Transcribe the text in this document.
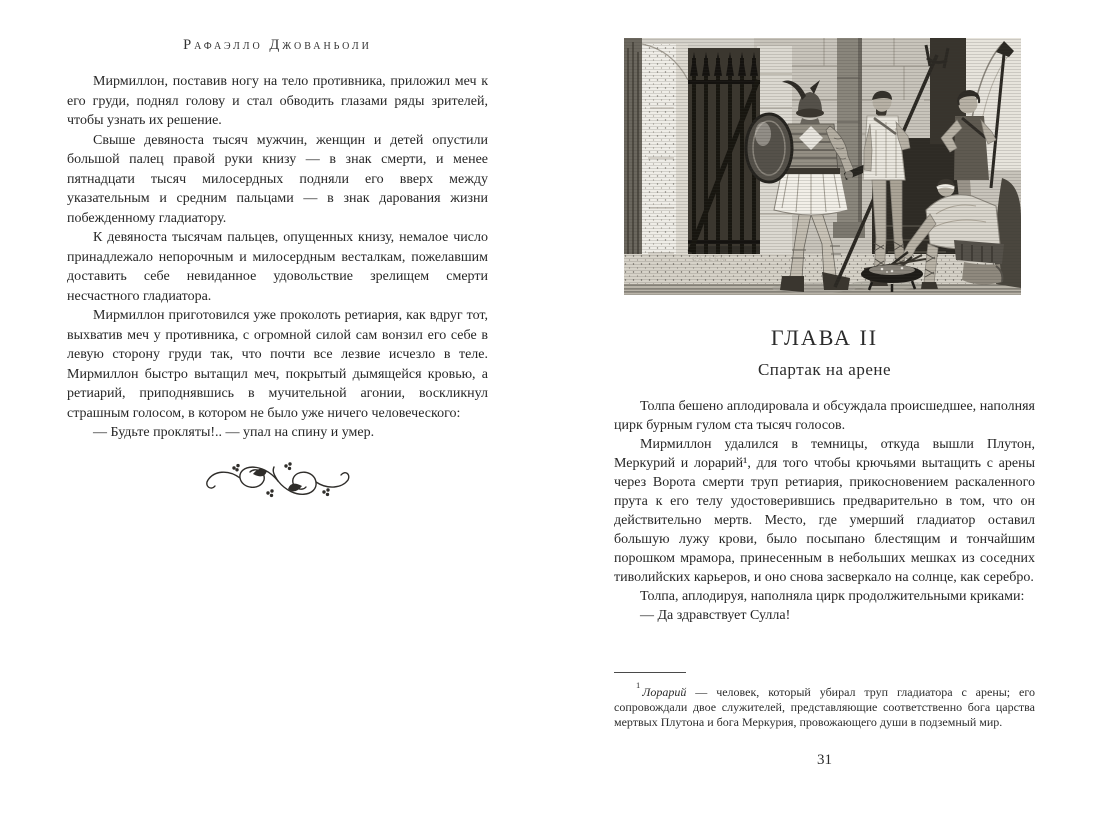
Рафаэлло Джованьоли

Мирмиллон, поставив ногу на тело противника, приложил меч к его груди, поднял голову и стал обводить глазами ряды зрителей, чтобы узнать их решение.

Свыше девяноста тысяч мужчин, женщин и детей опустили большой палец правой руки книзу — в знак смерти, и менее пятнадцати тысяч милосердных подняли его вверх между указательным и средним пальцами — в знак дарования жизни побежденному гладиатору.

К девяноста тысячам пальцев, опущенных книзу, немалое число принадлежало непорочным и милосердным весталкам, пожелавшим доставить себе невиданное удовольствие зрелищем смерти несчастного гладиатора.

Мирмиллон приготовился уже проколоть ретиария, как вдруг тот, выхватив меч у противника, с огромной силой сам вонзил его себе в левую сторону груди так, что почти все лезвие исчезло в теле. Мирмиллон быстро вытащил меч, покрытый дымящейся кровью, а ретиарий, приподнявшись в мучительной агонии, воскликнул страшным голосом, в котором не было уже ничего человеческого:

— Будьте прокляты!.. — упал на спину и умер.

CALLEN
ГЛАВА II
Спартак на арене

Толпа бешено аплодировала и обсуждала происшедшее, наполняя цирк бурным гулом ста тысяч голосов.

Мирмиллон удалился в темницы, откуда вышли Плутон, Меркурий и лорарий¹, для того чтобы крючьями вытащить с арены через Ворота смерти труп ретиария, прикосновением раскаленного прута к его телу удостоверившись предварительно в том, что он действительно мертв. Место, где умерший гладиатор оставил большую лужу крови, было посыпано блестящим и тончайшим порошком мрамора, принесенным в небольших мешках из соседних тиволийских карьеров, и оно снова засверкало на солнце, как серебро.

Толпа, аплодируя, наполняла цирк продолжительными криками:

— Да здравствует Сулла!

$^1$ Лорарий — человек, который убирал труп гладиатора с арены; его сопровождали двое служителей, представляющие соответственно бога царства мертвых Плутона и бога Меркурия, провожающего души в подземный мир.

31
